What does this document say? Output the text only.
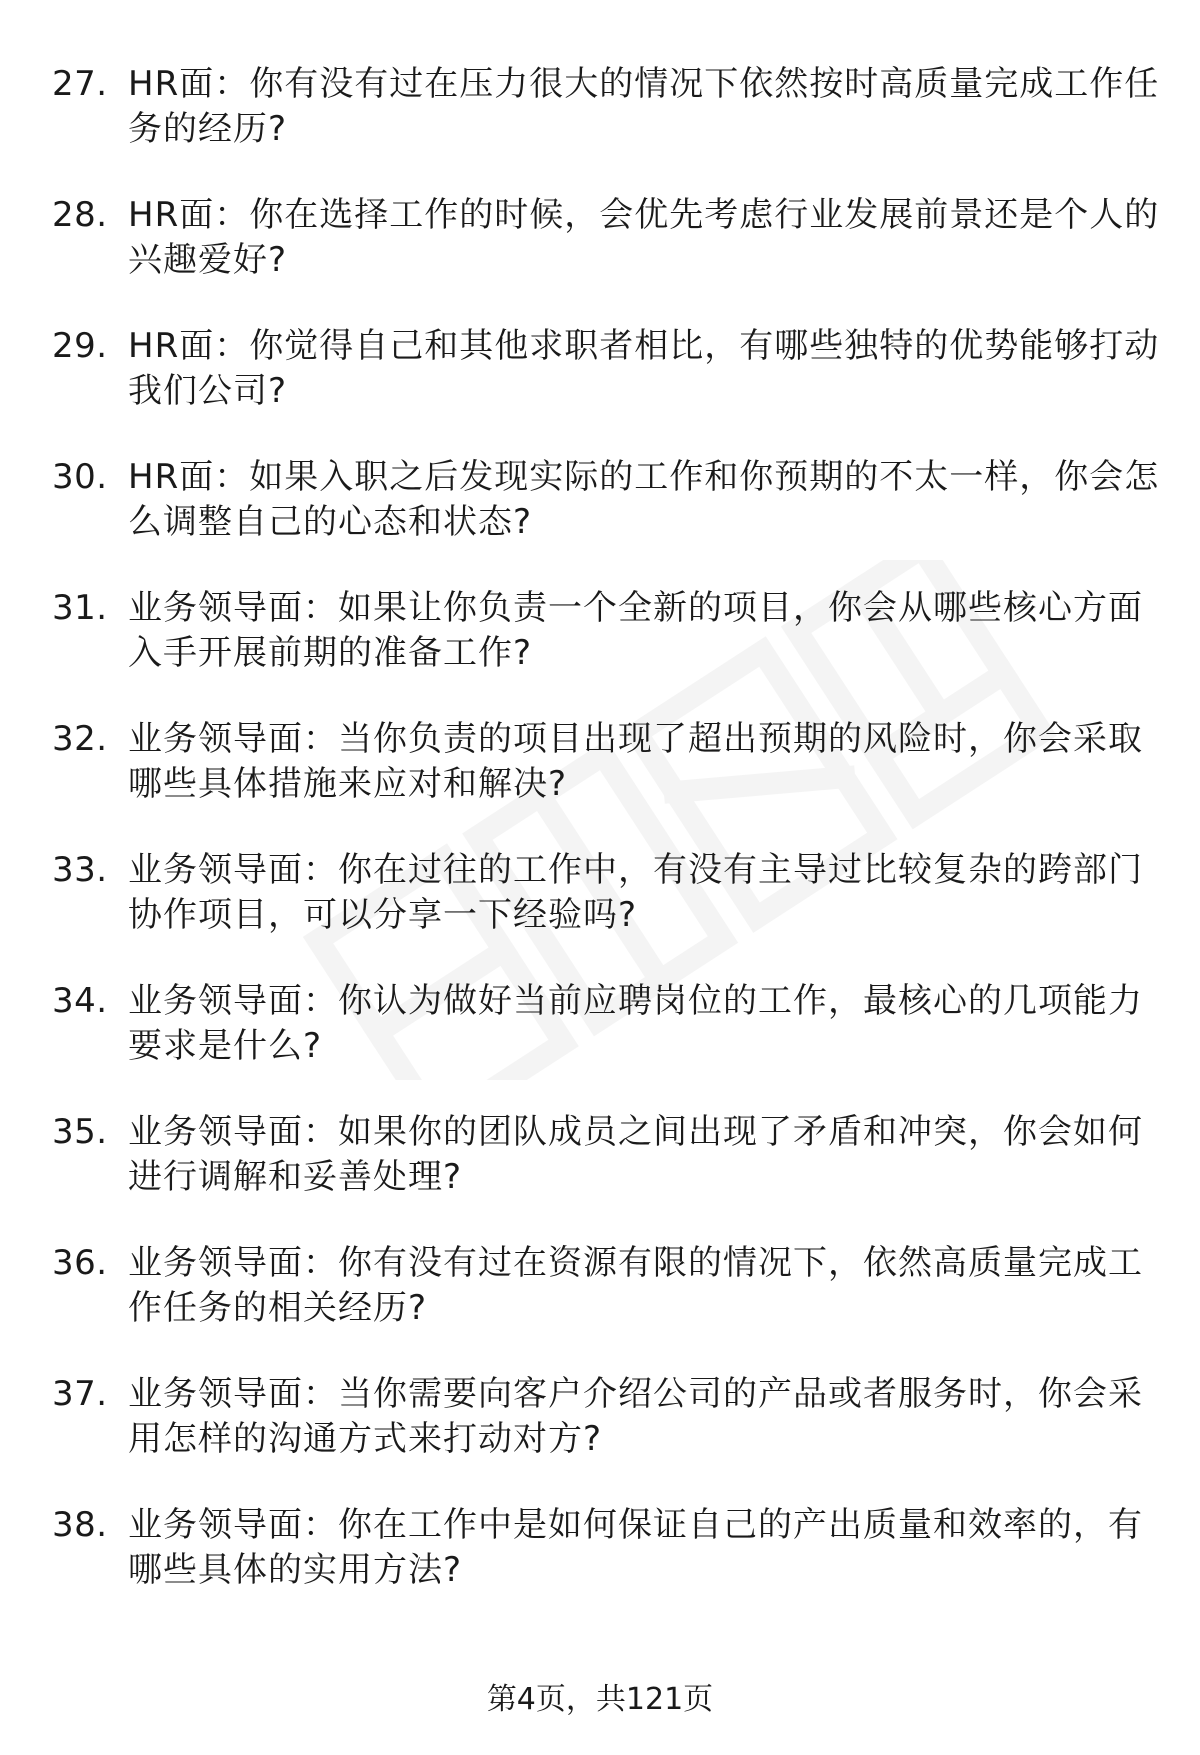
27. HR面：你有没有过在压力很大的情况下依然按时高质量完成工作任务的经历?
28. HR面：你在选择工作的时候，会优先考虑行业发展前景还是个人的兴趣爱好?
29. HR面：你觉得自己和其他求职者相比，有哪些独特的优势能够打动我们公司?
30. HR面：如果入职之后发现实际的工作和你预期的不太一样，你会怎么调整自己的心态和状态?
31. 业务领导面：如果让你负责一个全新的项目，你会从哪些核心方面入手开展前期的准备工作?
32. 业务领导面：当你负责的项目出现了超出预期的风险时，你会采取哪些具体措施来应对和解决?
33. 业务领导面：你在过往的工作中，有没有主导过比较复杂的跨部门协作项目，可以分享一下经验吗?
34. 业务领导面：你认为做好当前应聘岗位的工作，最核心的几项能力要求是什么?
35. 业务领导面：如果你的团队成员之间出现了矛盾和冲突，你会如何进行调解和妥善处理?
36. 业务领导面：你有没有过在资源有限的情况下，依然高质量完成工作任务的相关经历?
37. 业务领导面：当你需要向客户介绍公司的产品或者服务时，你会采用怎样的沟通方式来打动对方?
38. 业务领导面：你在工作中是如何保证自己的产出质量和效率的，有哪些具体的实用方法?
第4页，共121页
